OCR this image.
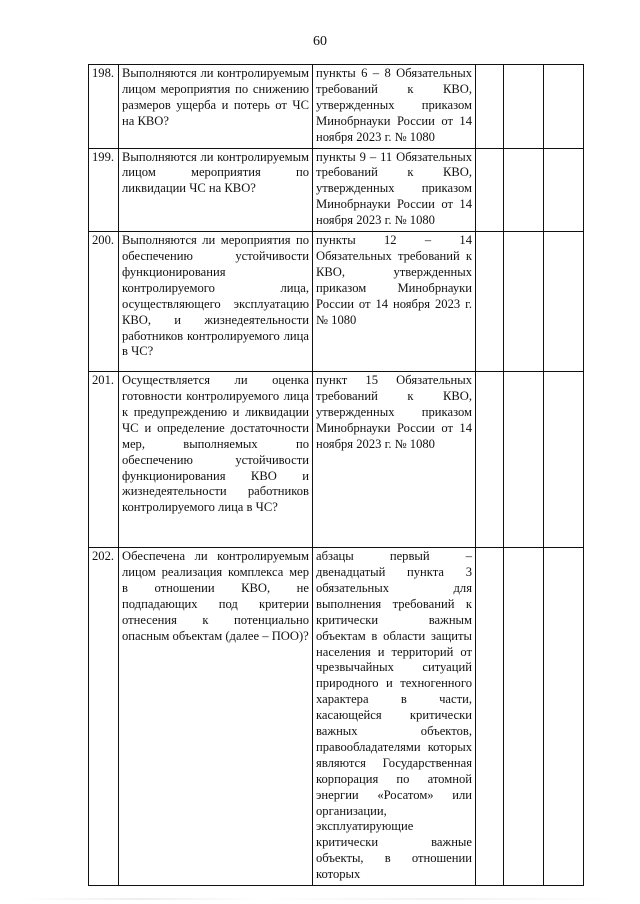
60
198.	Выполняются ли контролируемым лицом мероприятия по снижению размеров ущерба и потерь от ЧС на КВО?	пункты 6 – 8 Обязательных требований к КВО, утвержденных приказом Минобрнауки России от 14 ноября 2023 г. № 1080			

199.	Выполняются ли контролируемым лицом мероприятия по ликвидации ЧС на КВО?	пункты 9 – 11 Обязательных требований к КВО, утвержденных приказом Минобрнауки России от 14 ноября 2023 г. № 1080			

200.	Выполняются ли мероприятия по обеспечению устойчивости функционирования контролируемого лица, осуществляющего эксплуатацию КВО, и жизнедеятельности работников контролируемого лица в ЧС?	пункты 12 – 14 Обязательных требований к КВО, утвержденных приказом Минобрнауки России от 14 ноября 2023 г. № 1080			

201.	Осуществляется ли оценка готовности контролируемого лица к предупреждению и ликвидации ЧС и определение достаточности мер, выполняемых по обеспечению устойчивости функционирования КВО и жизнедеятельности работников контролируемого лица в ЧС?	пункт 15 Обязательных требований к КВО, утвержденных приказом Минобрнауки России от 14 ноября 2023 г. № 1080			

202.	Обеспечена ли контролируемым лицом реализация комплекса мер в отношении КВО, не подпадающих под критерии отнесения к потенциально опасным объектам (далее – ПОО)?	абзацы первый – двенадцатый пункта 3 обязательных для выполнения требований к критически важным объектам в области защиты населения и территорий от чрезвычайных ситуаций природного и техногенного характера в части, касающейся критически важных объектов, правообладателями которых являются Государственная корпорация по атомной энергии «Росатом» или организации, эксплуатирующие критически важные объекты, в отношении которых			
